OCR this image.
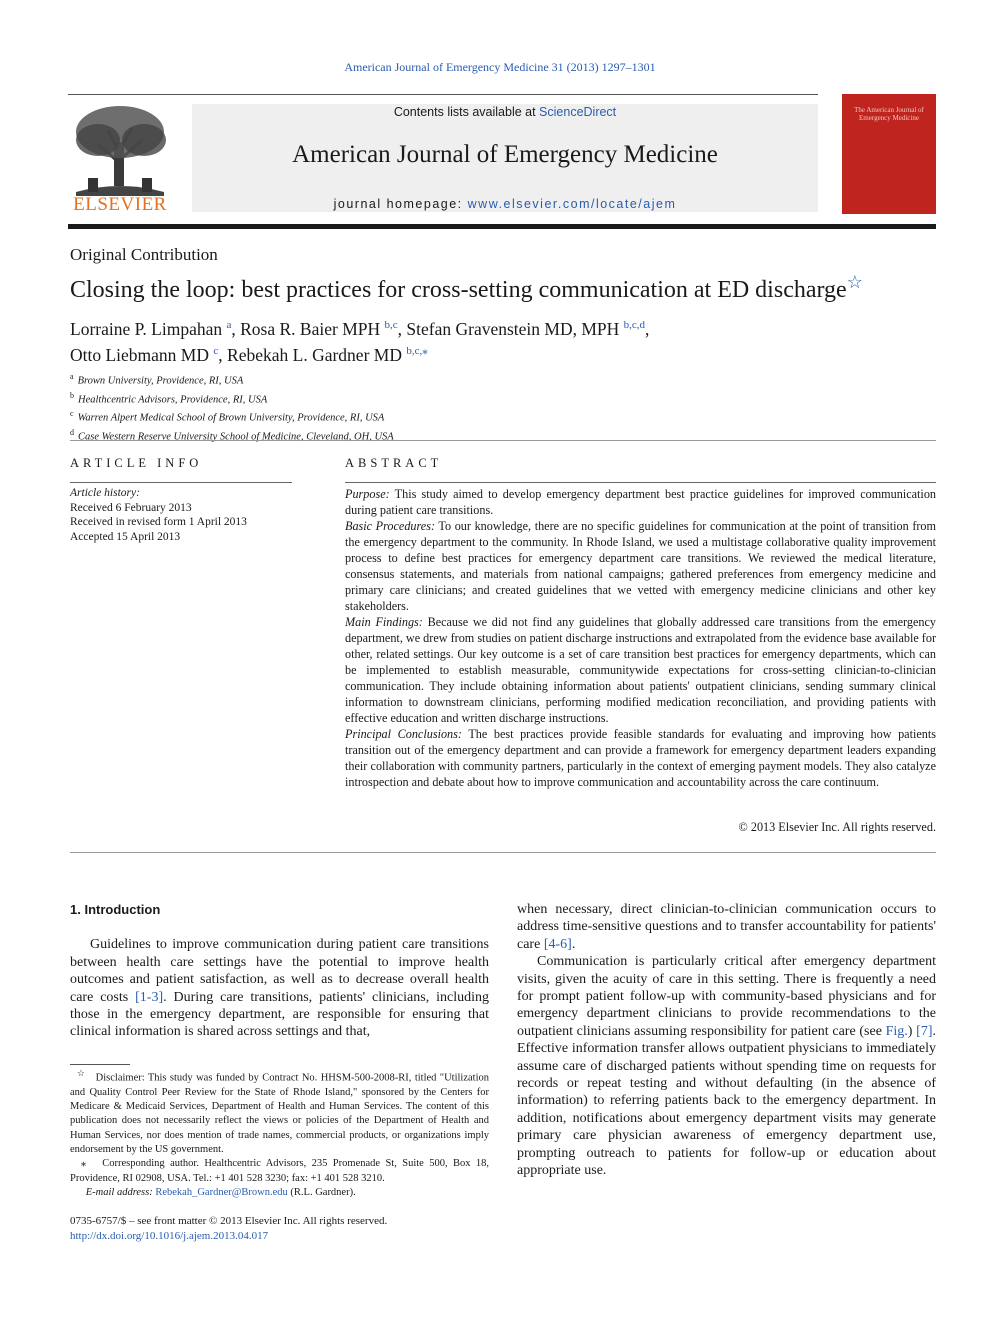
American Journal of Emergency Medicine 31 (2013) 1297–1301
ELSEVIER
Contents lists available at ScienceDirect
American Journal of Emergency Medicine
journal homepage: www.elsevier.com/locate/ajem
The American Journal of Emergency Medicine
Original Contribution
Closing the loop: best practices for cross-setting communication at ED discharge☆
Lorraine P. Limpahan $^a$, Rosa R. Baier MPH $^{b,c}$, Stefan Gravenstein MD, MPH $^{b,c,d}$,
Otto Liebmann MD $^c$, Rebekah L. Gardner MD $^{b,c,⁎}$
$^a$ Brown University, Providence, RI, USA
$^b$ Healthcentric Advisors, Providence, RI, USA
$^c$ Warren Alpert Medical School of Brown University, Providence, RI, USA
$^d$ Case Western Reserve University School of Medicine, Cleveland, OH, USA
ARTICLE INFO
Article history:
Received 6 February 2013
Received in revised form 1 April 2013
Accepted 15 April 2013
ABSTRACT
Purpose: This study aimed to develop emergency department best practice guidelines for improved communication during patient care transitions.
Basic Procedures: To our knowledge, there are no specific guidelines for communication at the point of transition from the emergency department to the community. In Rhode Island, we used a multistage collaborative quality improvement process to define best practices for emergency department care transitions. We reviewed the medical literature, consensus statements, and materials from national campaigns; gathered preferences from emergency medicine and primary care clinicians; and created guidelines that we vetted with emergency medicine clinicians and other key stakeholders.
Main Findings: Because we did not find any guidelines that globally addressed care transitions from the emergency department, we drew from studies on patient discharge instructions and extrapolated from the evidence base available for other, related settings. Our key outcome is a set of care transition best practices for emergency departments, which can be implemented to establish measurable, communitywide expectations for cross-setting clinician-to-clinician communication. They include obtaining information about patients' outpatient clinicians, sending summary clinical information to downstream clinicians, performing modified medication reconciliation, and providing patients with effective education and written discharge instructions.
Principal Conclusions: The best practices provide feasible standards for evaluating and improving how patients transition out of the emergency department and can provide a framework for emergency department leaders expanding their collaboration with community partners, particularly in the context of emerging payment models. They also catalyze introspection and debate about how to improve communication and accountability across the care continuum.
© 2013 Elsevier Inc. All rights reserved.
1. Introduction

Guidelines to improve communication during patient care transitions between health care settings have the potential to improve health outcomes and patient satisfaction, as well as to decrease overall health care costs [1-3]. During care transitions, patients' clinicians, including those in the emergency department, are responsible for ensuring that clinical information is shared across settings and that,

when necessary, direct clinician-to-clinician communication occurs to address time-sensitive questions and to transfer accountability for patients' care [4-6].

Communication is particularly critical after emergency department visits, given the acuity of care in this setting. There is frequently a need for prompt patient follow-up with community-based physicians and for emergency department clinicians to provide recommendations to the outpatient clinicians assuming responsibility for patient care (see Fig.) [7]. Effective information transfer allows outpatient physicians to immediately assume care of discharged patients without spending time on requests for records or repeat testing and without defaulting (in the absence of information) to referring patients back to the emergency department. In addition, notifications about emergency department visits may generate primary care physician awareness of emergency department use, prompting outreach to patients for follow-up or education about appropriate use.

☆ Disclaimer: This study was funded by Contract No. HHSM-500-2008-RI, titled "Utilization and Quality Control Peer Review for the State of Rhode Island," sponsored by the Centers for Medicare & Medicaid Services, Department of Health and Human Services. The content of this publication does not necessarily reflect the views or policies of the Department of Health and Human Services, nor does mention of trade names, commercial products, or organizations imply endorsement by the US government.

⁎ Corresponding author. Healthcentric Advisors, 235 Promenade St, Suite 500, Box 18, Providence, RI 02908, USA. Tel.: +1 401 528 3230; fax: +1 401 528 3210.

E-mail address: Rebekah_Gardner@Brown.edu (R.L. Gardner).

0735-6757/$ – see front matter © 2013 Elsevier Inc. All rights reserved.
http://dx.doi.org/10.1016/j.ajem.2013.04.017
